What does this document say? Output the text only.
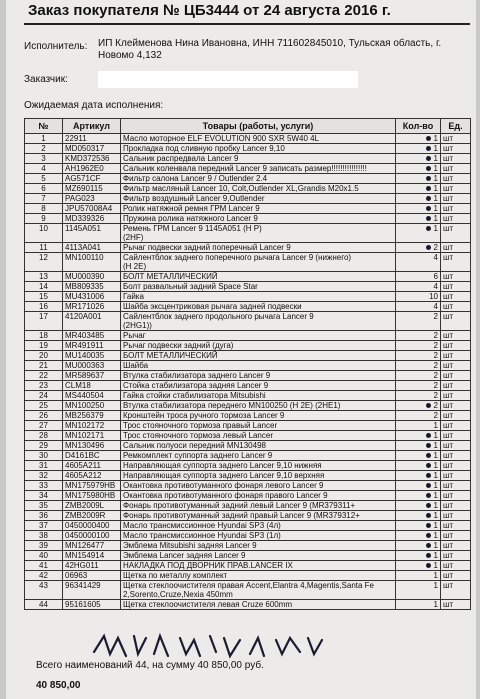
Заказ покупателя № ЦБ3444 от 24 августа 2016 г.
Исполнитель: ИП Клейменова Нина Ивановна, ИНН 711602845010, Тульская область, г. Новомо 4,132
Заказчик:
Ожидаемая дата исполнения:
№	Артикул	Товары (работы, услуги)	Кол-во	Ед.
1	22911	Масло моторное ELF EVOLUTION 900 SXR 5W40 4L	1	шт
2	MD050317	Прокладка под сливную пробку Lancer 9,10	1	шт
3	KMD372536	Сальник распредвала Lancer 9	1	шт
4	AH1962E0	Сальник коленвала передний Lancer 9 записать размер!!!!!!!!!!!!!!!!	1	шт
5	AG571CF	Фильтр салона Lancer 9 / Outlender 2.4	1	шт
6	MZ690115	Фильтр масляный Lancer 10, Colt,Outlender XL,Grandis M20x1.5	1	шт
7	PAG023	Фильтр воздушный Lancer 9,Outlender	1	шт
8	JPU57008A4	Ролик натяжной ремня ГРМ Lancer 9	1	шт
9	MD339326	Пружина ролика натяжного Lancer 9	1	шт
10	1145A051	Ремень ГРМ Lancer 9 1145A051 (Н Р)
(2HF)	1	шт
11	4113A041	Рычаг подвески задний поперечный Lancer 9	2	шт
12	MN100110	Сайлентблок заднего поперечного рычага Lancer 9 (нижнего)
(Н 2E)	4	шт
13	MU000390	БОЛТ МЕТАЛЛИЧЕСКИЙ	6	шт
14	MB809335	Болт развальный задний Space Star	4	шт
15	MU431006	Гайка	10	шт
16	MR171026	Шайба эксцентриковая рычага задней подвески	4	шт
17	4120A001	Сайлентблок заднего продольного рычага Lancer 9
(2HG1))	2	шт
18	MR403485	Рычаг	2	шт
19	MR491911	Рычаг подвески задний (дуга)	2	шт
20	MU140035	БОЛТ МЕТАЛЛИЧЕСКИЙ	2	шт
21	MU000363	Шайба	2	шт
22	MR589637	Втулка стабилизатора заднего Lancer 9	2	шт
23	CLM18	Стойка стабилизатора задняя Lancer 9	2	шт
24	MS440504	Гайка стойки стабилизатора Mitsubishi	2	шт
25	MN100250	Втулка стабилизатора переднего MN100250 (Н 2E) (2HE1)	2	шт
26	MB256379	Кронштейн троса ручного тормоза Lancer 9	2	шт
27	MN102172	Трос стояночного тормоза правый Lancer	1	шт
28	MN102171	Трос стояночного тормоза левый Lancer	1	шт
29	MN130496	Сальник полуоси передний MN130498	1	шт
30	D4161BC	Ремкомплект суппорта заднего Lancer 9	1	шт
31	4605A211	Направляющая суппорта заднего Lancer 9,10 нижняя	1	шт
32	4605A212	Направляющая суппорта заднего Lancer 9,10 верхняя	1	шт
33	MN175979HB	Окантовка противотуманного фонаря левого Lancer 9	1	шт
34	MN175980HB	Окантовка противотуманного фонаря правого Lancer 9	1	шт
35	ZMB2009L	Фонарь противотуманный задний левый Lancer 9 (MR379311+	1	шт
36	ZMB2009R	Фонарь противотуманный задний правый Lancer 9 (MR379312+	1	шт
37	0450000400	Масло трансмиссионное Hyundai SP3 (4л)	1	шт
38	0450000100	Масло трансмиссионное Hyundai SP3 (1л)	1	шт
39	MN126477	Эмблема Mitsubishi задняя Lancer 9	1	шт
40	MN154914	Эмблема Lancer задняя Lancer 9	1	шт
41	42HG011	НАКЛАДКА ПОД ДВОРНИК ПРАВ.LANCER IX	1	шт
42	06963	Щетка по металлу комплект	1	шт
43	96341429	Щетка стеклоочистителя правая Accent,Elantra 4,Magentis,Santa Fe
2,Sorento,Cruze,Nexia 450mm	1	шт
44	95161605	Щетка стеклоочистителя левая Cruze 600mm	1	шт
Всего наименований 44, на сумму 40 850,00 руб.
40 850,00
